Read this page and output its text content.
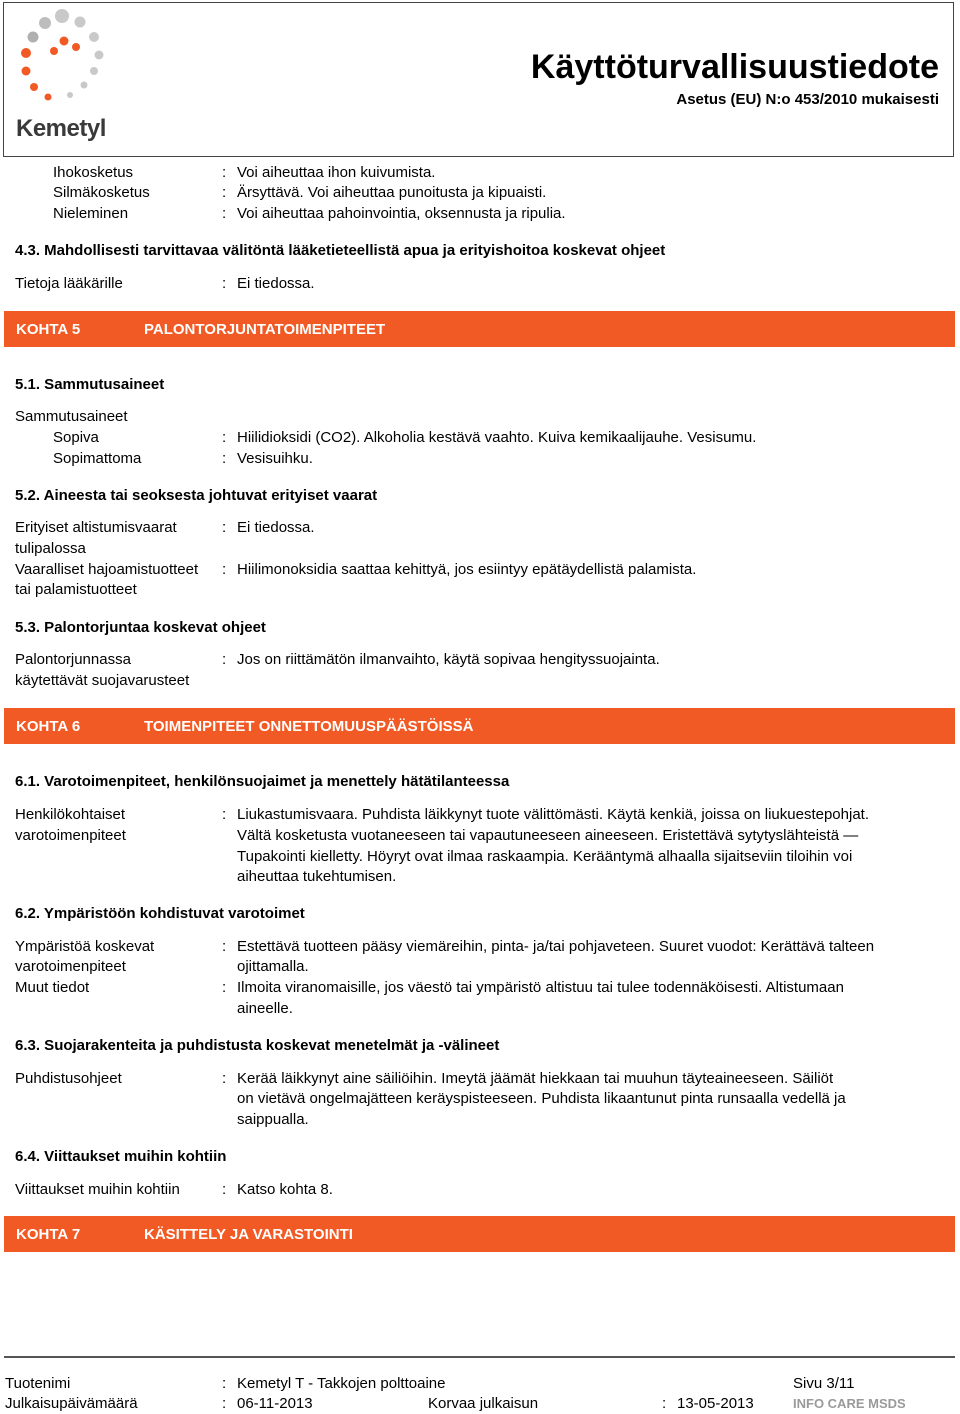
Kemetyl
Käyttöturvallisuustiedote
Asetus (EU) N:o 453/2010 mukaisesti
Ihokosketus	: Voi aiheuttaa ihon kuivumista.
Silmäkosketus	: Ärsyttävä. Voi aiheuttaa punoitusta ja kipuaisti.
Nieleminen	: Voi aiheuttaa pahoinvointia, oksennusta ja ripulia.
4.3. Mahdollisesti tarvittavaa välitöntä lääketieteellistä apua ja erityishoitoa koskevat ohjeet
Tietoja lääkärille	: Ei tiedossa.
KOHTA 5	PALONTORJUNTATOIMENPITEET
5.1. Sammutusaineet
Sammutusaineet
Sopiva	: Hiilidioksidi (CO2). Alkoholia kestävä vaahto. Kuiva kemikaalijauhe. Vesisumu.
Sopimattoma	: Vesisuihku.
5.2. Aineesta tai seoksesta johtuvat erityiset vaarat
Erityiset altistumisvaarat
tulipalossa
: Ei tiedossa.
Vaaralliset hajoamistuotteet
tai palamistuotteet
: Hiilimonoksidia saattaa kehittyä, jos esiintyy epätäydellistä palamista.
5.3. Palontorjuntaa koskevat ohjeet
Palontorjunnassa
käytettävät suojavarusteet
: Jos on riittämätön ilmanvaihto, käytä sopivaa hengityssuojainta.
KOHTA 6	TOIMENPITEET ONNETTOMUUSPÄÄSTÖISSÄ
6.1. Varotoimenpiteet, henkilönsuojaimet ja menettely hätätilanteessa
Henkilökohtaiset
varotoimenpiteet
: Liukastumisvaara. Puhdista läikkynyt tuote välittömästi. Käytä kenkiä, joissa on liukuestepohjat.
Vältä kosketusta vuotaneeseen tai vapautuneeseen aineeseen. Eristettävä sytytyslähteistä —
Tupakointi kielletty. Höyryt ovat ilmaa raskaampia. Kerääntymä alhaalla sijaitseviin tiloihin voi
aiheuttaa tukehtumisen.
6.2. Ympäristöön kohdistuvat varotoimet
Ympäristöä koskevat
varotoimenpiteet
: Estettävä tuotteen pääsy viemäreihin, pinta- ja/tai pohjaveteen. Suuret vuodot: Kerättävä talteen
ojittamalla.
Muut tiedot	: Ilmoita viranomaisille, jos väestö tai ympäristö altistuu tai tulee todennäköisesti. Altistumaan
aineelle.
6.3. Suojarakenteita ja puhdistusta koskevat menetelmät ja -välineet
Puhdistusohjeet	: Kerää läikkynyt aine säiliöihin. Imeytä jäämät hiekkaan tai muuhun täyteaineeseen. Säiliöt
on vietävä ongelmajätteen keräyspisteeseen. Puhdista likaantunut pinta runsaalla vedellä ja
saippualla.
6.4. Viittaukset muihin kohtiin
Viittaukset muihin kohtiin	: Katso kohta 8.
KOHTA 7	KÄSITTELY JA VARASTOINTI
Tuotenimi	: Kemetyl T - Takkojen polttoaine	Sivu 3/11
Julkaisupäivämäärä	: 06-11-2013	Korvaa julkaisun	: 13-05-2013	INFO CARE MSDS
